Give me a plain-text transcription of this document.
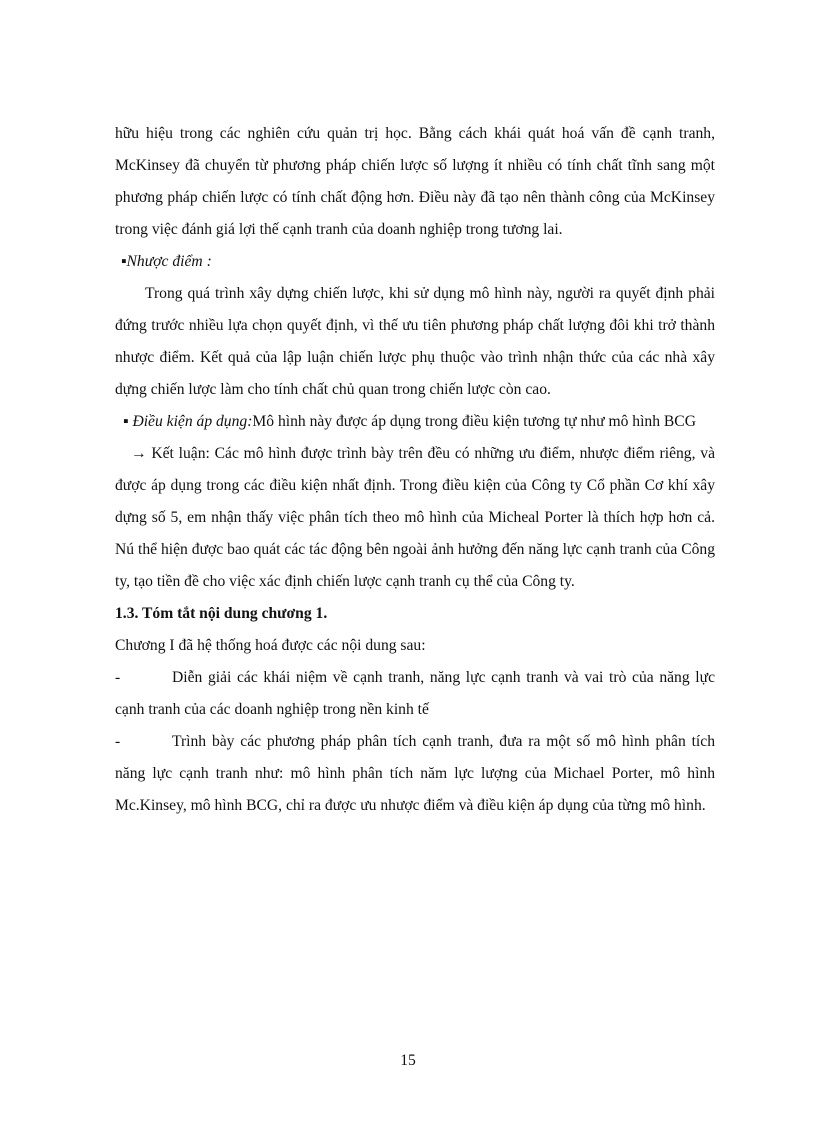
hữu hiệu trong các nghiên cứu quản trị học. Bằng cách khái quát hoá vấn đề cạnh tranh, McKinsey đã chuyển từ phương pháp chiến lược số lượng ít nhiều có tính chất tĩnh sang một phương pháp chiến lược có tính chất động hơn. Điều này đã tạo nên thành công của McKinsey trong việc đánh giá lợi thế cạnh tranh của doanh nghiệp trong tương lai.

▪Nhược điểm :

Trong quá trình xây dựng chiến lược, khi sử dụng mô hình này, người ra quyết định phải đứng trước nhiều lựa chọn quyết định, vì thế ưu tiên phương pháp chất lượng đôi khi trở thành nhược điểm. Kết quả của lập luận chiến lược phụ thuộc vào trình nhận thức của các nhà xây dựng chiến lược làm cho tính chất chủ quan trong chiến lược còn cao.

▪ Điều kiện áp dụng:Mô hình này được áp dụng trong điều kiện tương tự như mô hình BCG

→ Kết luận: Các mô hình được trình bày trên đều có những ưu điểm, nhược điểm riêng, và được áp dụng trong các điều kiện nhất định. Trong điều kiện của Công ty Cổ phần Cơ khí xây dựng số 5, em nhận thấy việc phân tích theo mô hình của Micheal Porter là thích hợp hơn cả. Nú thể hiện được bao quát các tác động bên ngoài ảnh hưởng đến năng lực cạnh tranh của Công ty, tạo tiền đề cho việc xác định chiến lược cạnh tranh cụ thể của Công ty.

1.3. Tóm tắt nội dung chương 1.

Chương I đã hệ thống hoá được các nội dung sau:

-	Diễn giải các khái niệm về cạnh tranh, năng lực cạnh tranh và vai trò của năng lực cạnh tranh của các doanh nghiệp trong nền kinh tế

-	Trình bày các phương pháp phân tích cạnh tranh, đưa ra một số mô hình phân tích năng lực cạnh tranh như: mô hình phân tích năm lực lượng của Michael Porter, mô hình Mc.Kinsey, mô hình BCG, chỉ ra được ưu nhược điểm và điều kiện áp dụng của từng mô hình.

15
